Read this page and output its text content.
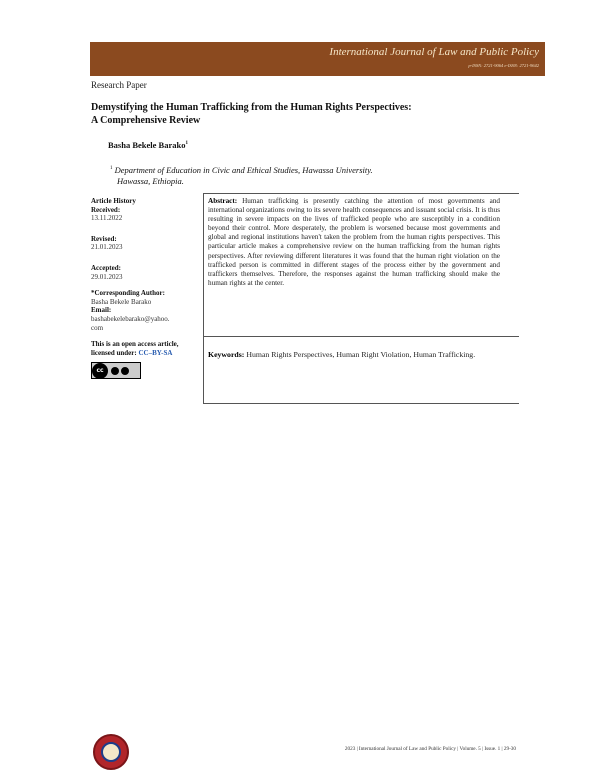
International Journal of Law and Public Policy
p-ISSN: 2721-9064 e-ISSN: 2721-9642
Research Paper
Demystifying the Human Trafficking from the Human Rights Perspectives:
A Comprehensive Review
Basha Bekele Barako$^1$
$^1$ Department of Education in Civic and Ethical Studies, Hawassa University.
Hawassa, Ethiopia.
Article History
Received:
13.11.2022
Revised:
21.01.2023
Accepted:
29.01.2023
*Corresponding Author:
Basha Bekele Barako
Email:
bashabekelebarako@yahoo.
com
This is an open access article,
licensed under: CC–BY-SA
cc
Abstract: Human trafficking is presently catching the attention of most governments and international organizations owing to its severe health consequences and issuant social crisis. It is thus resulting in severe impacts on the lives of trafficked people who are susceptibly in a condition beyond their control. More desperately, the problem is worsened because most governments and global and regional institutions haven't taken the problem from the human rights perspectives. This particular article makes a comprehensive review on the human trafficking from the human rights perspectives. After reviewing different literatures it was found that the human right violation on the trafficked person is committed in different stages of the process either by the government and traffickers themselves. Therefore, the responses against the human trafficking should make the human rights at the center.
Keywords: Human Rights Perspectives, Human Right Violation, Human Trafficking.
2023 | International Journal of Law and Public Policy | Volume. 5 | Issue. 1 | 29-30
